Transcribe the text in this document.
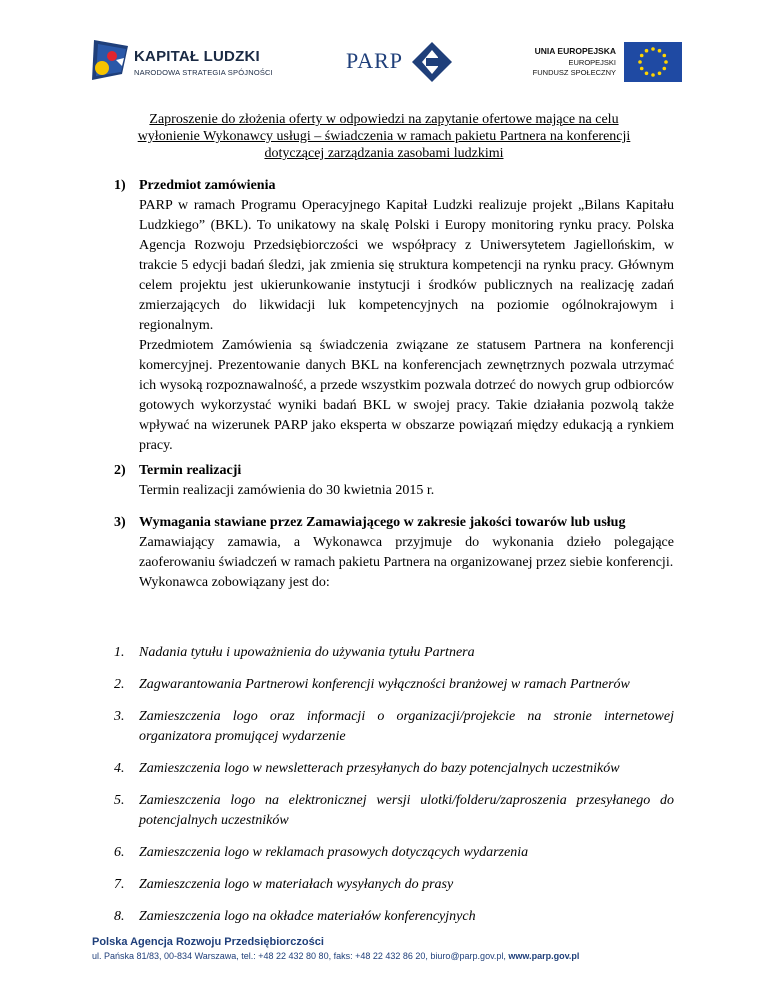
KAPITAŁ LUDZKI
NARODOWA STRATEGIA SPÓJNOŚCI	PARP	UNIA EUROPEJSKA
EUROPEJSKI
FUNDUSZ SPOŁECZNY
Zaproszenie do złożenia oferty w odpowiedzi na zapytanie ofertowe mające na celu
wyłonienie Wykonawcy usługi – świadczenia w ramach pakietu Partnera na konferencji
dotyczącej zarządzania zasobami ludzkimi
1) Przedmiot zamówienia

PARP w ramach Programu Operacyjnego Kapitał Ludzki realizuje projekt „Bilans Kapitału Ludzkiego” (BKL). To unikatowy na skalę Polski i Europy monitoring rynku pracy. Polska Agencja Rozwoju Przedsiębiorczości we współpracy z Uniwersytetem Jagiellońskim, w trakcie 5 edycji badań śledzi, jak zmienia się struktura kompetencji na rynku pracy. Głównym celem projektu jest ukierunkowanie instytucji i środków publicznych na realizację zadań zmierzających do likwidacji luk kompetencyjnych na poziomie ogólnokrajowym i regionalnym.

Przedmiotem Zamówienia są świadczenia związane ze statusem Partnera na konferencji komercyjnej. Prezentowanie danych BKL na konferencjach zewnętrznych pozwala utrzymać ich wysoką rozpoznawalność, a przede wszystkim pozwala dotrzeć do nowych grup odbiorców gotowych wykorzystać wyniki badań BKL w swojej pracy. Takie działania pozwolą także wpływać na wizerunek PARP jako eksperta w obszarze powiązań między edukacją a rynkiem pracy.

2) Termin realizacji

Termin realizacji zamówienia do 30 kwietnia 2015 r.

3) Wymagania stawiane przez Zamawiającego w zakresie jakości towarów lub usług

Zamawiający zamawia, a Wykonawca przyjmuje do wykonania dzieło polegające zaoferowaniu świadczeń w ramach pakietu Partnera na organizowanej przez siebie konferencji.

Wykonawca zobowiązany jest do:

1.	Nadania tytułu i upoważnienia do używania tytułu Partnera
2.	Zagwarantowania Partnerowi konferencji wyłączności branżowej w ramach Partnerów
3.	Zamieszczenia logo oraz informacji o organizacji/projekcie na stronie internetowej organizatora promującej wydarzenie
4.	Zamieszczenia logo w newsletterach przesyłanych do bazy potencjalnych uczestników
5.	Zamieszczenia logo na elektronicznej wersji ulotki/folderu/zaproszenia przesyłanego do potencjalnych uczestników
6.	Zamieszczenia logo w reklamach prasowych dotyczących wydarzenia
7.	Zamieszczenia logo w materiałach wysyłanych do prasy
8.	Zamieszczenia logo na okładce materiałów konferencyjnych
Polska Agencja Rozwoju Przedsiębiorczości
ul. Pańska 81/83, 00-834 Warszawa, tel.: +48 22 432 80 80, faks: +48 22 432 86 20, biuro@parp.gov.pl, www.parp.gov.pl
